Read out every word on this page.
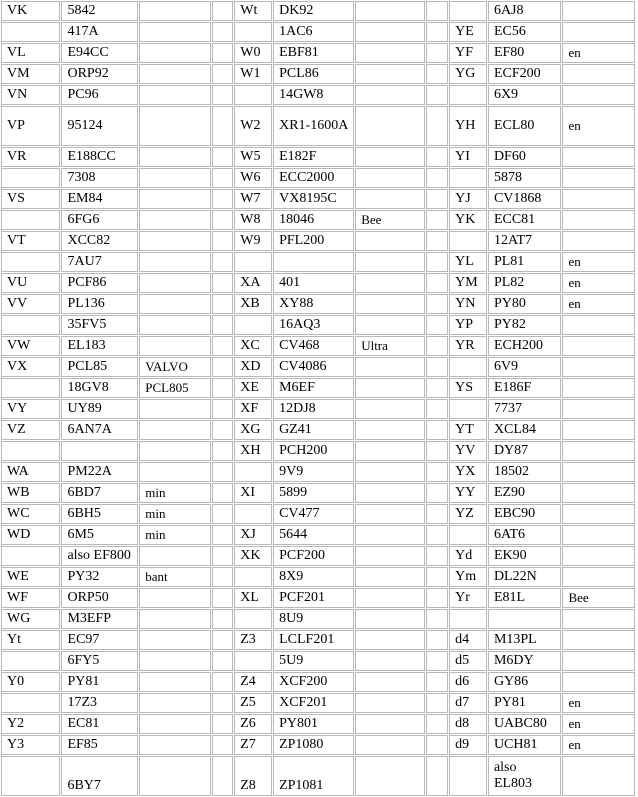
VK	5842			Wt	DK92				6AJ8	
	417A				1AC6			YE	EC56	
VL	E94CC			W0	EBF81			YF	EF80	en
VM	ORP92			W1	PCL86			YG	ECF200	
VN	PC96				14GW8				6X9	
VP	95124			W2	XR1-1600A			YH	ECL80	en
VR	E188CC			W5	E182F			YI	DF60	
	7308			W6	ECC2000				5878	
VS	EM84			W7	VX8195C			YJ	CV1868	
	6FG6			W8	18046	Bee		YK	ECC81	
VT	XCC82			W9	PFL200				12AT7	
	7AU7							YL	PL81	en
VU	PCF86			XA	401			YM	PL82	en
VV	PL136			XB	XY88			YN	PY80	en
	35FV5				16AQ3			YP	PY82	
VW	EL183			XC	CV468	Ultra		YR	ECH200	
VX	PCL85	VALVO		XD	CV4086				6V9	
	18GV8	PCL805		XE	M6EF			YS	E186F	
VY	UY89			XF	12DJ8				7737	
VZ	6AN7A			XG	GZ41			YT	XCL84	
				XH	PCH200			YV	DY87	
WA	PM22A				9V9			YX	18502	
WB	6BD7	min		XI	5899			YY	EZ90	
WC	6BH5	min			CV477			YZ	EBC90	
WD	6M5	min		XJ	5644				6AT6	
	also EF800			XK	PCF200			Yd	EK90	
WE	PY32	bant			8X9			Ym	DL22N	
WF	ORP50			XL	PCF201			Yr	E81L	Bee
WG	M3EFP				8U9					
Yt	EC97			Z3	LCLF201			d4	M13PL	
	6FY5				5U9			d5	M6DY	
Y0	PY81			Z4	XCF200			d6	GY86	
	17Z3			Z5	XCF201			d7	PY81	en
Y2	EC81			Z6	PY801			d8	UABC80	en
Y3	EF85			Z7	ZP1080			d9	UCH81	en
	6BY7			Z8	ZP1081				also EL803	
